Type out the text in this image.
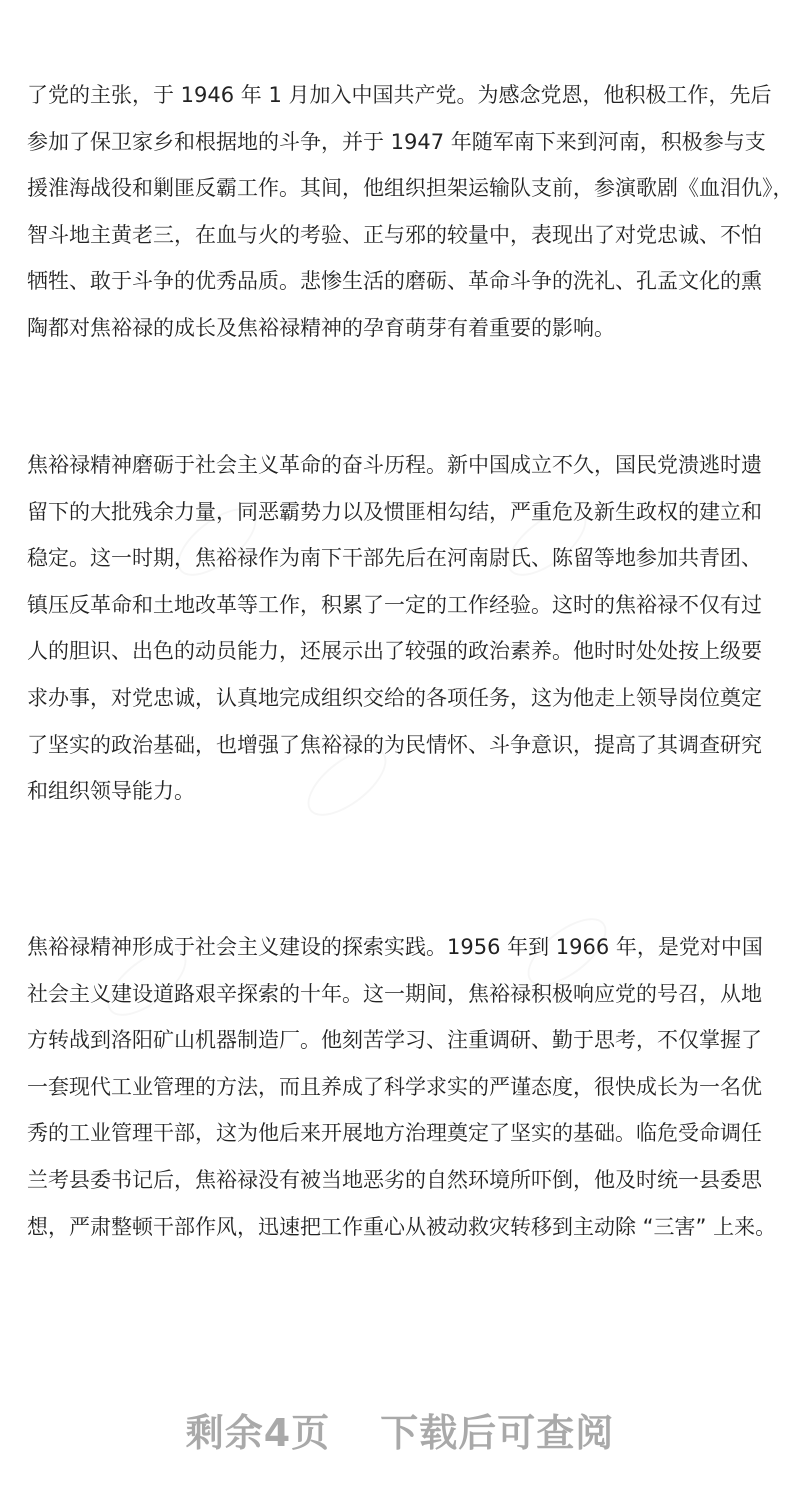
了党的主张，于 1946 年 1 月加入中国共产党。为感念党恩，他积极工作，先后
参加了保卫家乡和根据地的斗争，并于 1947 年随军南下来到河南，积极参与支
援淮海战役和剿匪反霸工作。其间，他组织担架运输队支前，参演歌剧《血泪仇》，
智斗地主黄老三，在血与火的考验、正与邪的较量中，表现出了对党忠诚、不怕
牺牲、敢于斗争的优秀品质。悲惨生活的磨砺、革命斗争的洗礼、孔孟文化的熏
陶都对焦裕禄的成长及焦裕禄精神的孕育萌芽有着重要的影响。

焦裕禄精神磨砺于社会主义革命的奋斗历程。新中国成立不久，国民党溃逃时遗
留下的大批残余力量，同恶霸势力以及惯匪相勾结，严重危及新生政权的建立和
稳定。这一时期，焦裕禄作为南下干部先后在河南尉氏、陈留等地参加共青团、
镇压反革命和土地改革等工作，积累了一定的工作经验。这时的焦裕禄不仅有过
人的胆识、出色的动员能力，还展示出了较强的政治素养。他时时处处按上级要
求办事，对党忠诚，认真地完成组织交给的各项任务，这为他走上领导岗位奠定
了坚实的政治基础，也增强了焦裕禄的为民情怀、斗争意识，提高了其调查研究
和组织领导能力。

焦裕禄精神形成于社会主义建设的探索实践。1956 年到 1966 年，是党对中国
社会主义建设道路艰辛探索的十年。这一期间，焦裕禄积极响应党的号召，从地
方转战到洛阳矿山机器制造厂。他刻苦学习、注重调研、勤于思考，不仅掌握了
一套现代工业管理的方法，而且养成了科学求实的严谨态度，很快成长为一名优
秀的工业管理干部，这为他后来开展地方治理奠定了坚实的基础。临危受命调任
兰考县委书记后，焦裕禄没有被当地恶劣的自然环境所吓倒，他及时统一县委思
想，严肃整顿干部作风，迅速把工作重心从被动救灾转移到主动除 “三害” 上来。

剩余4页 下载后可查阅
